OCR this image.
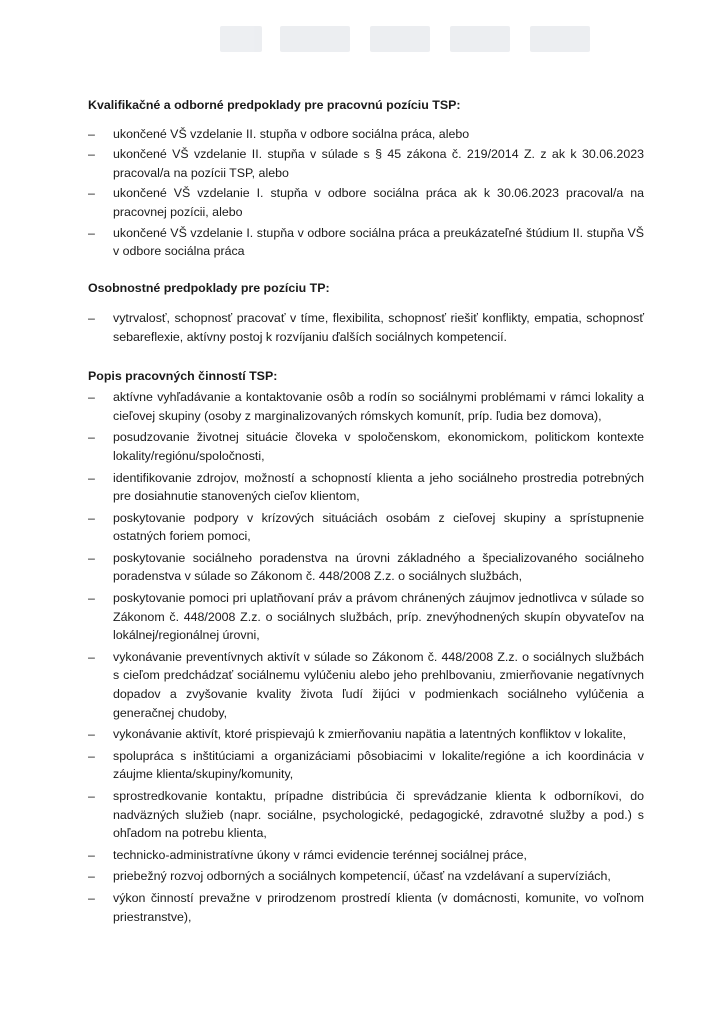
Kvalifikačné a odborné predpoklady pre pracovnú pozíciu TSP:
– ukončené VŠ vzdelanie II. stupňa v odbore sociálna práca, alebo
– ukončené VŠ vzdelanie II. stupňa v súlade s § 45 zákona č. 219/2014 Z. z ak k 30.06.2023 pracoval/a na pozícii TSP, alebo
– ukončené VŠ vzdelanie I. stupňa v odbore sociálna práca ak k 30.06.2023 pracoval/a na pracovnej pozícii, alebo
– ukončené VŠ vzdelanie I. stupňa v odbore sociálna práca a preukázateľné štúdium II. stupňa VŠ v odbore sociálna práca
Osobnostné predpoklady pre pozíciu TP:
– vytrvalosť, schopnosť pracovať v tíme, flexibilita, schopnosť riešiť konflikty, empatia, schopnosť sebareflexie, aktívny postoj k rozvíjaniu ďalších sociálnych kompetencií.
Popis pracovných činností TSP:
– aktívne vyhľadávanie a kontaktovanie osôb a rodín so sociálnymi problémami v rámci lokality a cieľovej skupiny (osoby z marginalizovaných rómskych komunít, príp. ľudia bez domova),
– posudzovanie životnej situácie človeka v spoločenskom, ekonomickom, politickom kontexte lokality/regiónu/spoločnosti,
– identifikovanie zdrojov, možností a schopností klienta a jeho sociálneho prostredia potrebných pre dosiahnutie stanovených cieľov klientom,
– poskytovanie podpory v krízových situáciách osobám z cieľovej skupiny a sprístupnenie ostatných foriem pomoci,
– poskytovanie sociálneho poradenstva na úrovni základného a špecializovaného sociálneho poradenstva v súlade so Zákonom č. 448/2008 Z.z. o sociálnych službách,
– poskytovanie pomoci pri uplatňovaní práv a právom chránených záujmov jednotlivca v súlade so Zákonom č. 448/2008 Z.z. o sociálnych službách, príp. znevýhodnených skupín obyvateľov na lokálnej/regionálnej úrovni,
– vykonávanie preventívnych aktivít v súlade so Zákonom č. 448/2008 Z.z. o sociálnych službách s cieľom predchádzať sociálnemu vylúčeniu alebo jeho prehlbovaniu, zmierňovanie negatívnych dopadov a zvyšovanie kvality života ľudí žijúci v podmienkach sociálneho vylúčenia a generačnej chudoby,
– vykonávanie aktivít, ktoré prispievajú k zmierňovaniu napätia a latentných konfliktov v lokalite,
– spolupráca s inštitúciami a organizáciami pôsobiacimi v lokalite/regióne a ich koordinácia v záujme klienta/skupiny/komunity,
– sprostredkovanie kontaktu, prípadne distribúcia či sprevádzanie klienta k odborníkovi, do nadväzných služieb (napr. sociálne, psychologické, pedagogické, zdravotné služby a pod.) s ohľadom na potrebu klienta,
– technicko-administratívne úkony v rámci evidencie terénnej sociálnej práce,
– priebežný rozvoj odborných a sociálnych kompetencií, účasť na vzdelávaní a supervíziách,
– výkon činností prevažne v prirodzenom prostredí klienta (v domácnosti, komunite, vo voľnom priestranstve),
